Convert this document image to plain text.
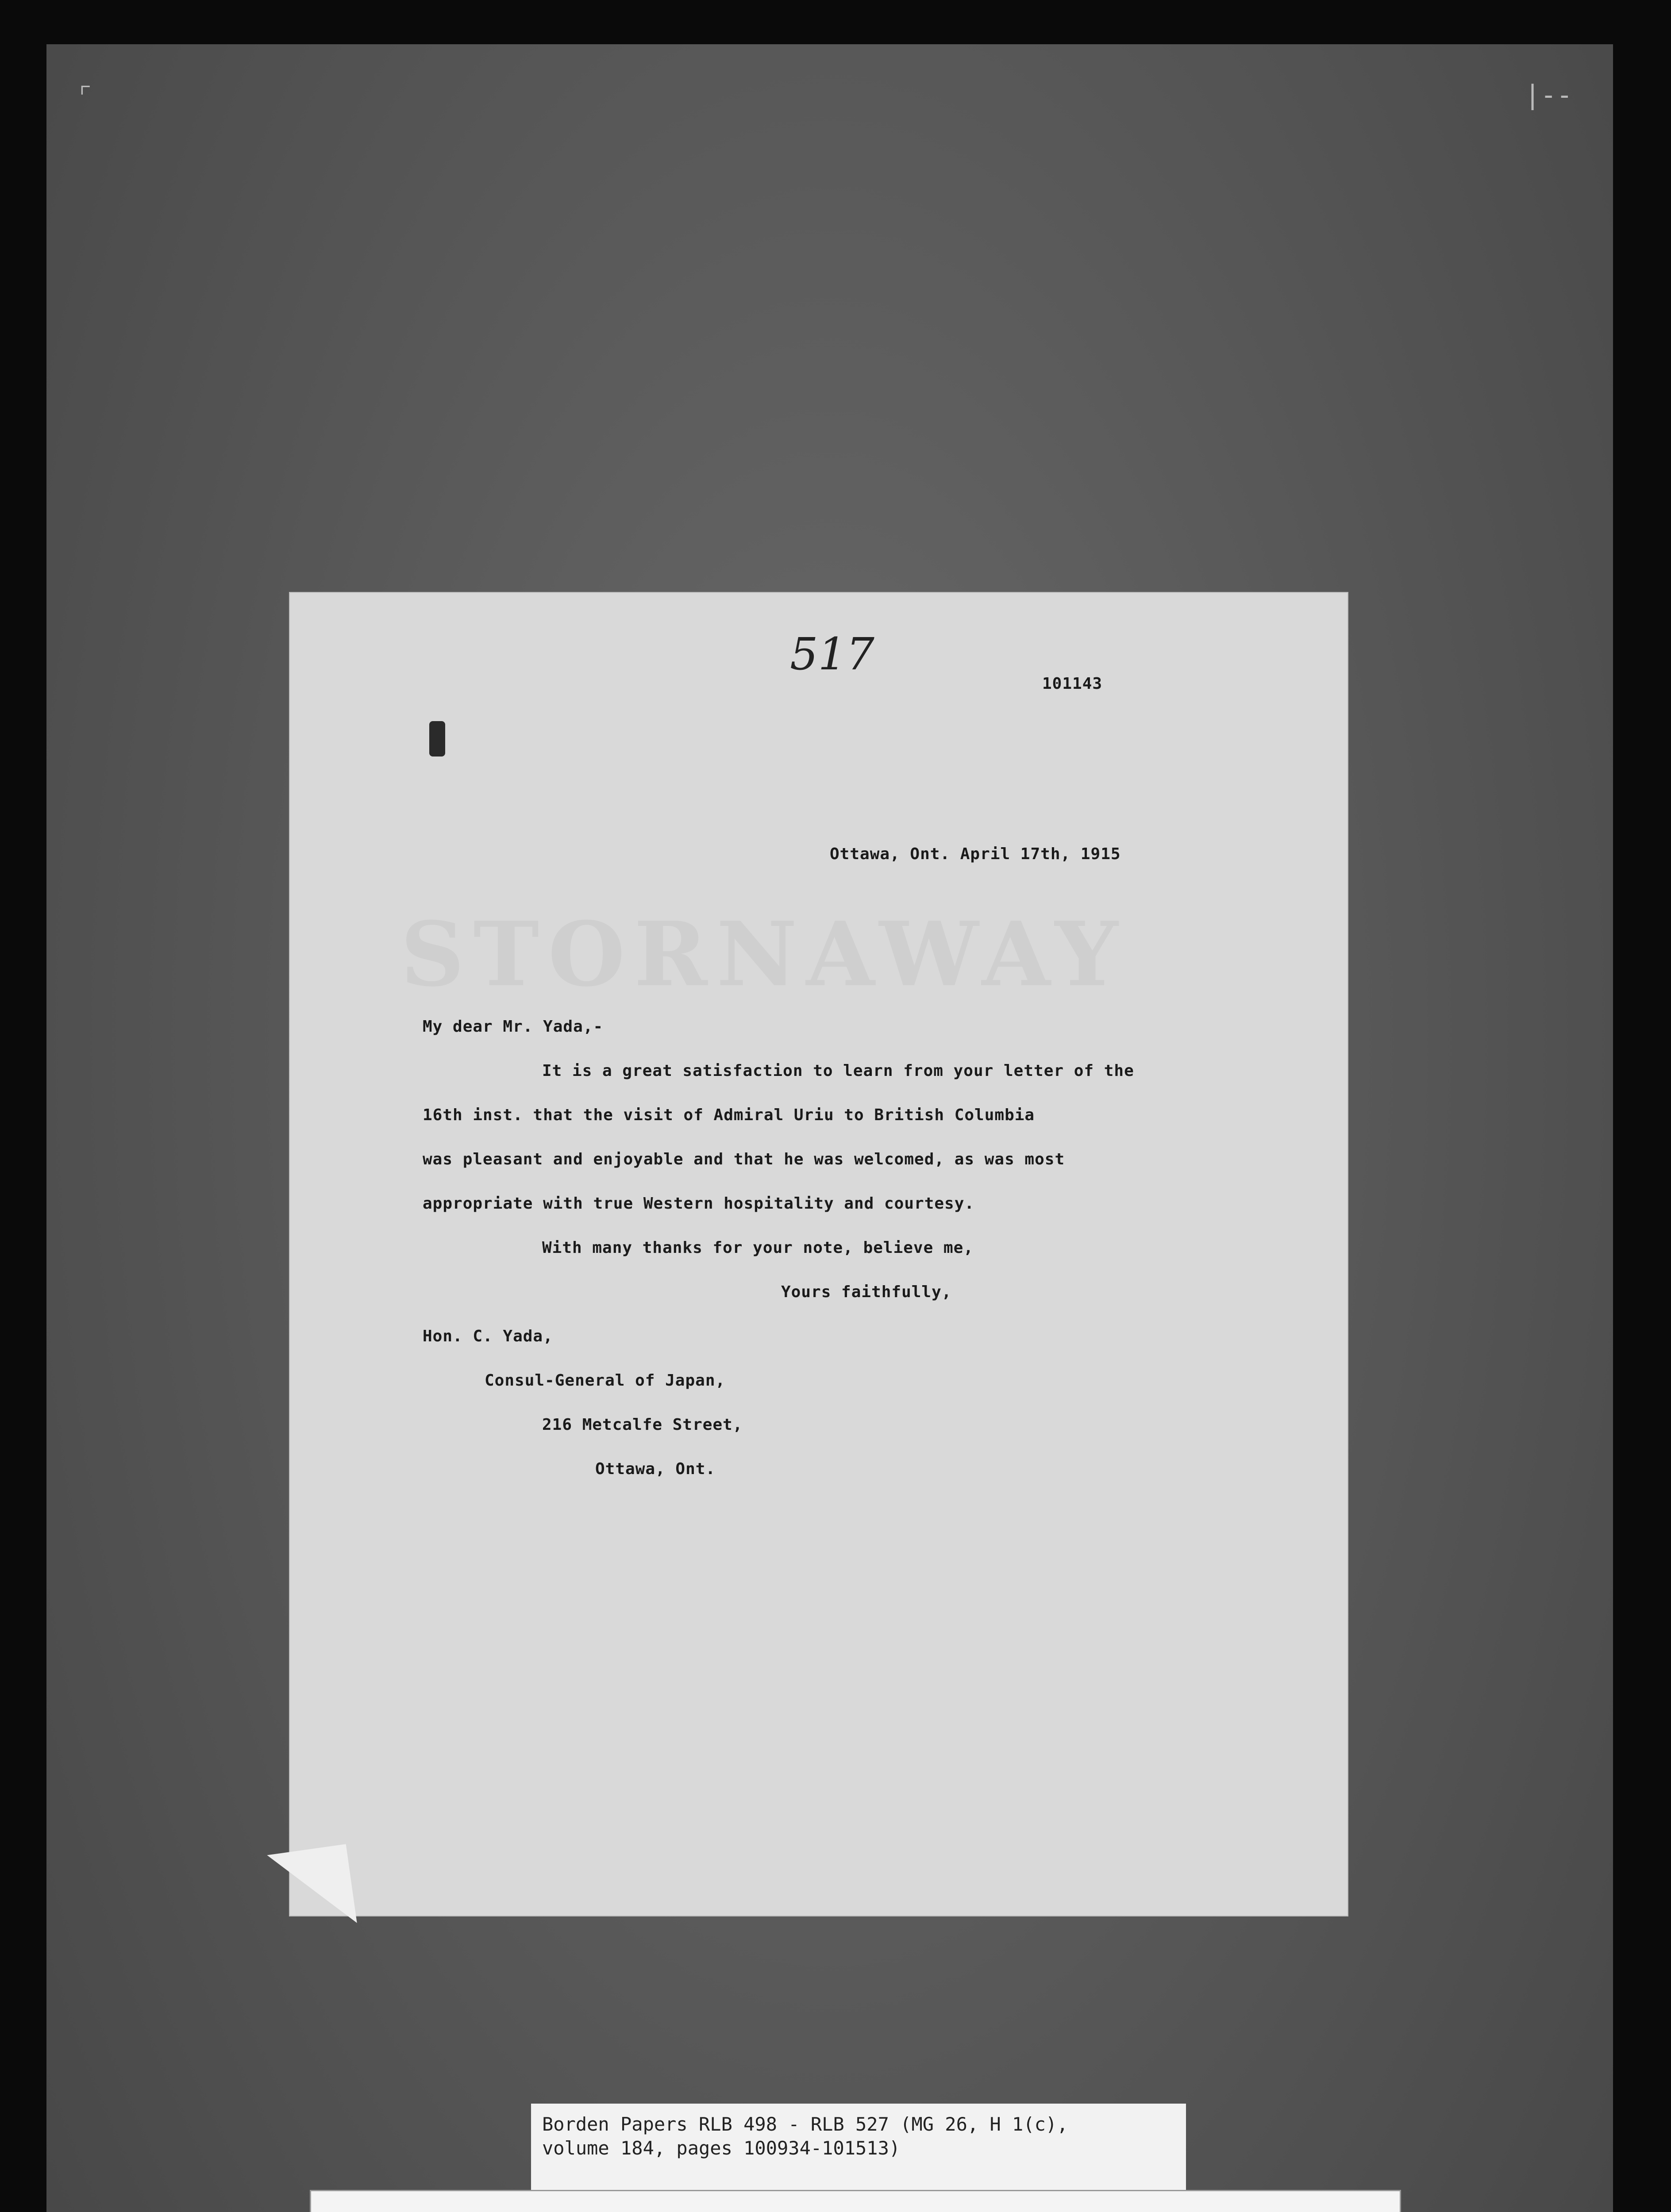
⌜	|--
517
101143
STORNAWAY
Ottawa, Ont. April 17th, 1915
My dear Mr. Yada,-
It is a great satisfaction to learn from your letter of the
16th inst. that the visit of Admiral Uriu to British Columbia
was pleasant and enjoyable and that he was welcomed, as was most
appropriate with true Western hospitality and courtesy.
With many thanks for your note, believe me,
Yours faithfully,
Hon. C. Yada,
Consul-General of Japan,
216 Metcalfe Street,
Ottawa, Ont.
Borden Papers RLB 498 - RLB 527 (MG 26, H 1(c),
volume 184, pages 100934-101513)
